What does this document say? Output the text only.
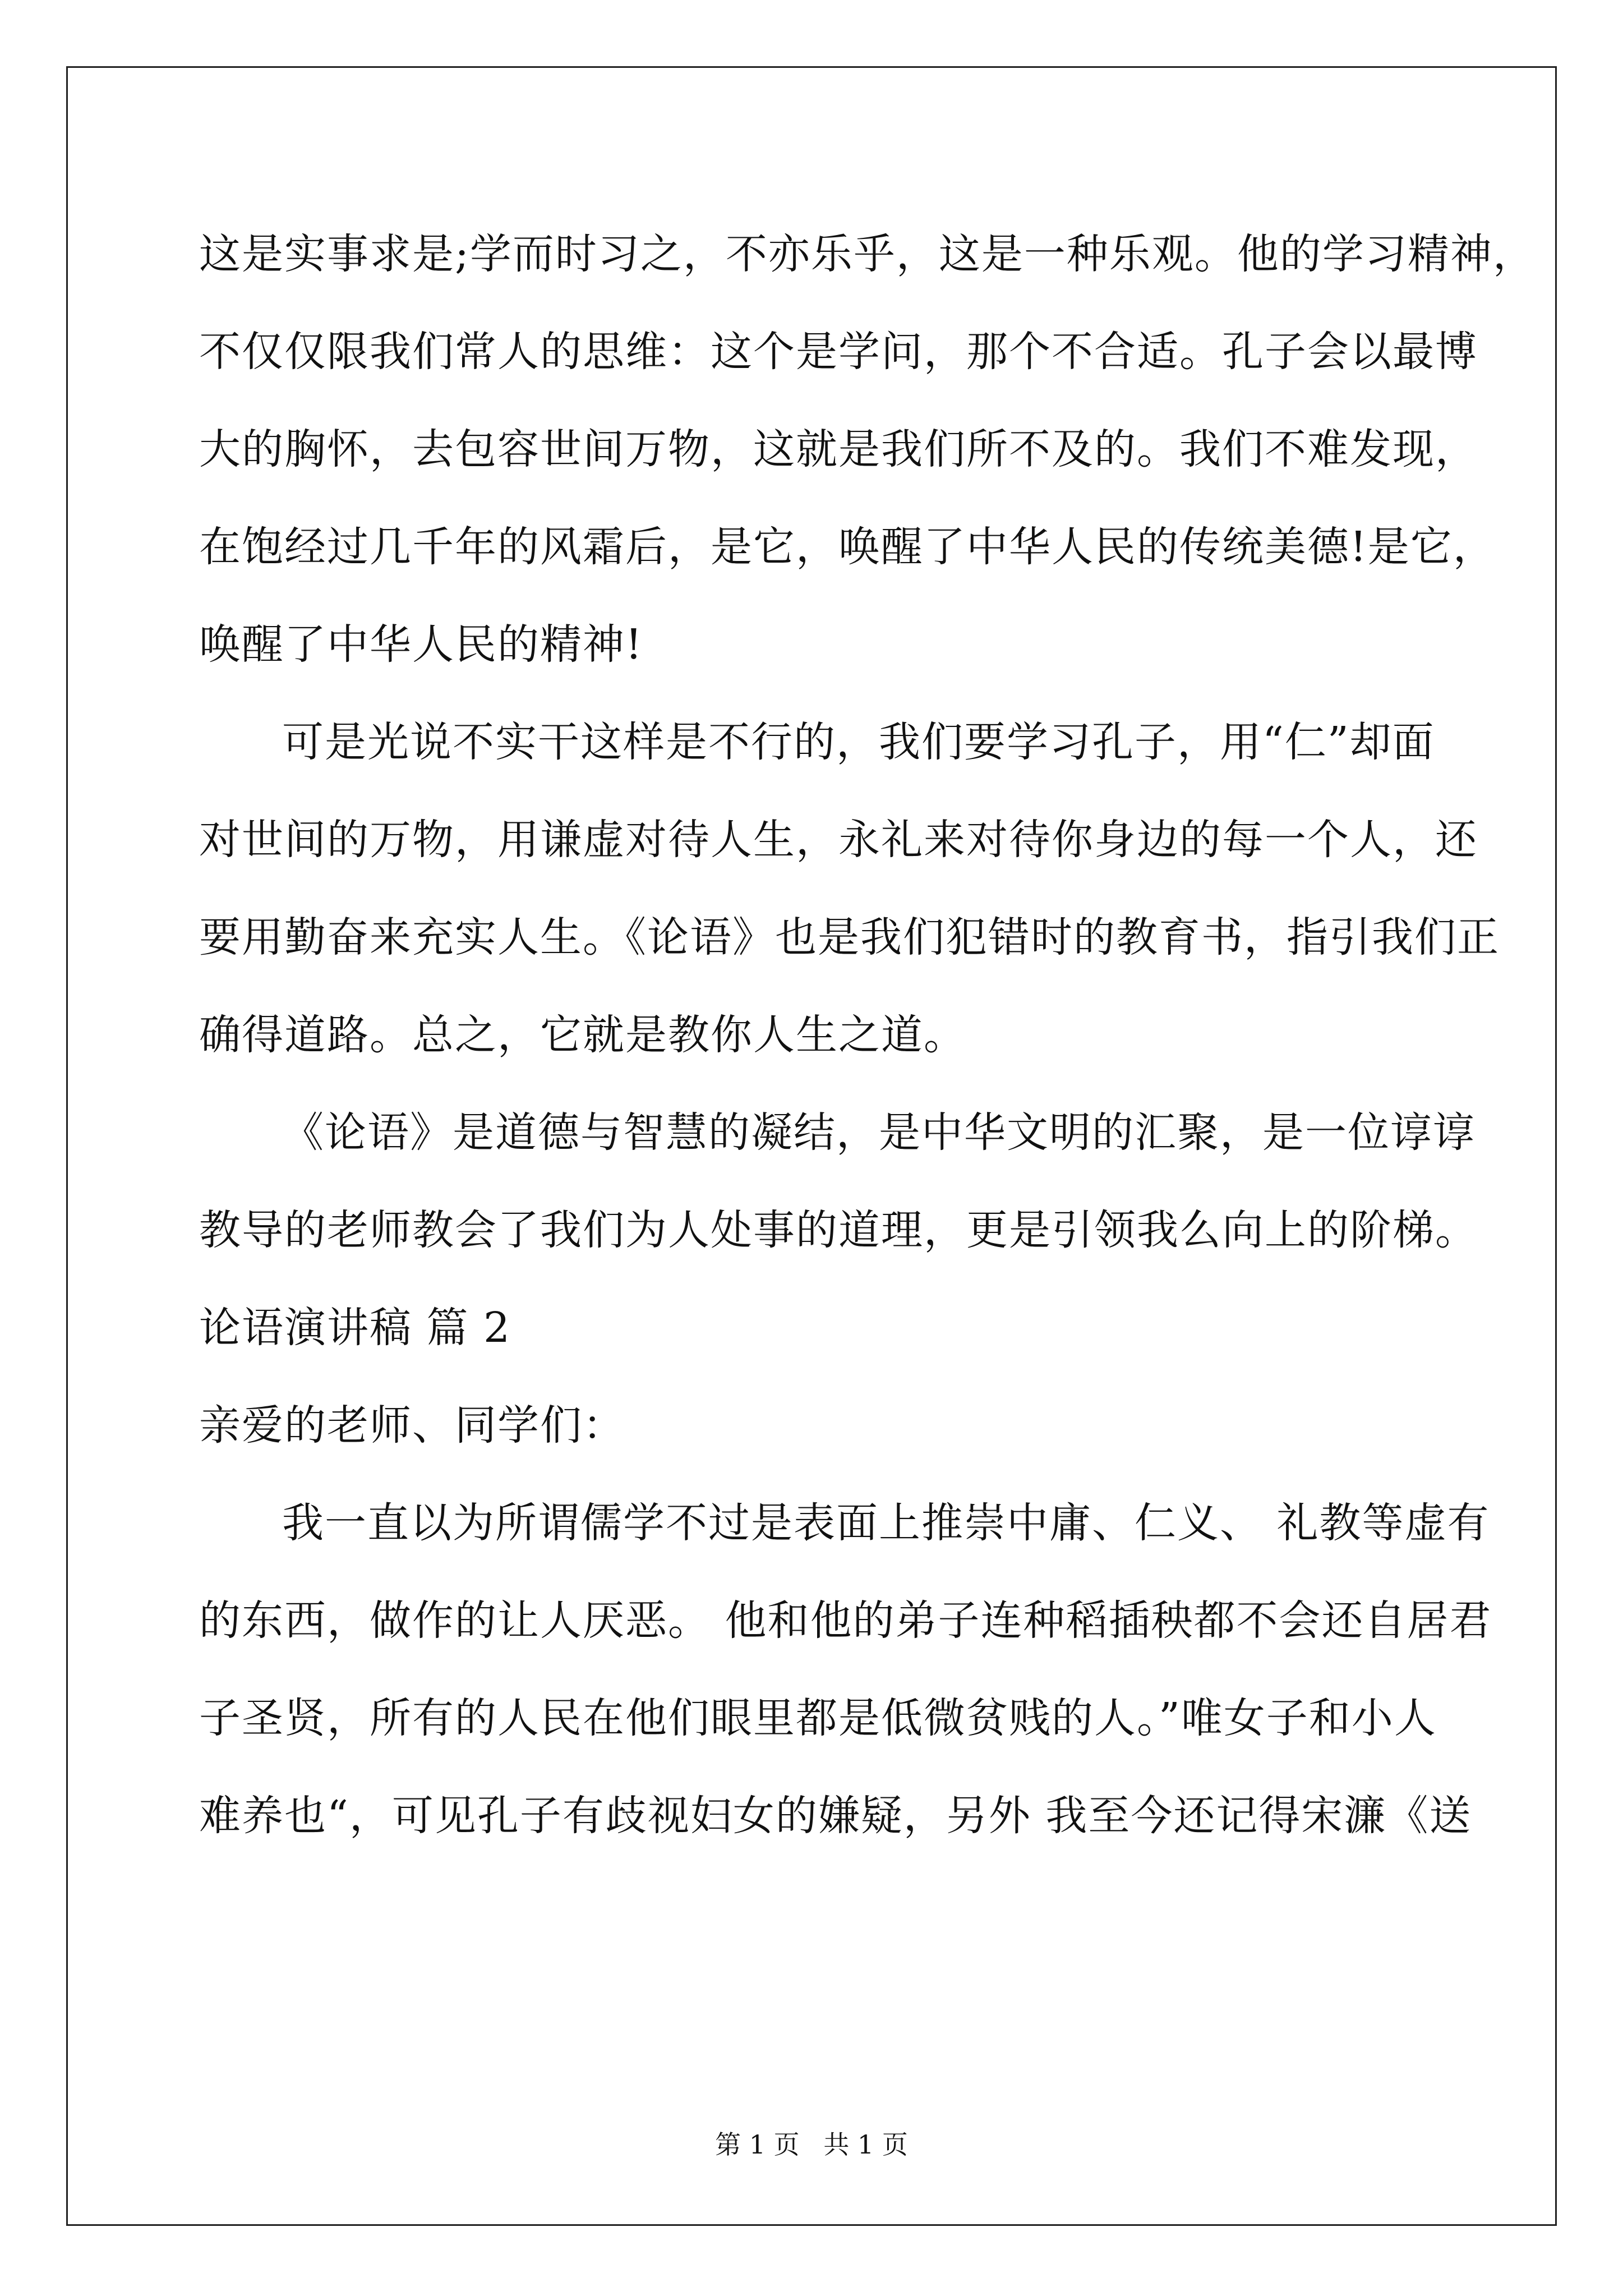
这是实事求是;学而时习之，不亦乐乎，这是一种乐观。他的学习精神，
不仅仅限我们常人的思维：这个是学问，那个不合适。孔子会以最博
大的胸怀，去包容世间万物，这就是我们所不及的。我们不难发现，
在饱经过几千年的风霜后，是它，唤醒了中华人民的传统美德!是它，
唤醒了中华人民的精神!
可是光说不实干这样是不行的，我们要学习孔子，用“仁”却面
对世间的万物，用谦虚对待人生，永礼来对待你身边的每一个人，还
要用勤奋来充实人生。《论语》也是我们犯错时的教育书，指引我们正
确得道路。总之，它就是教你人生之道。
《论语》是道德与智慧的凝结，是中华文明的汇聚，是一位谆谆
教导的老师教会了我们为人处事的道理，更是引领我么向上的阶梯。
论语演讲稿 篇 2
亲爱的老师、同学们：
我一直以为所谓儒学不过是表面上推崇中庸、仁义、 礼教等虚有
的东西，做作的让人厌恶。 他和他的弟子连种稻插秧都不会还自居君
子圣贤，所有的人民在他们眼里都是低微贫贱的人。”唯女子和小人
难养也“，可见孔子有歧视妇女的嫌疑，另外 我至今还记得宋濂《送
第 1 页 共 1 页
